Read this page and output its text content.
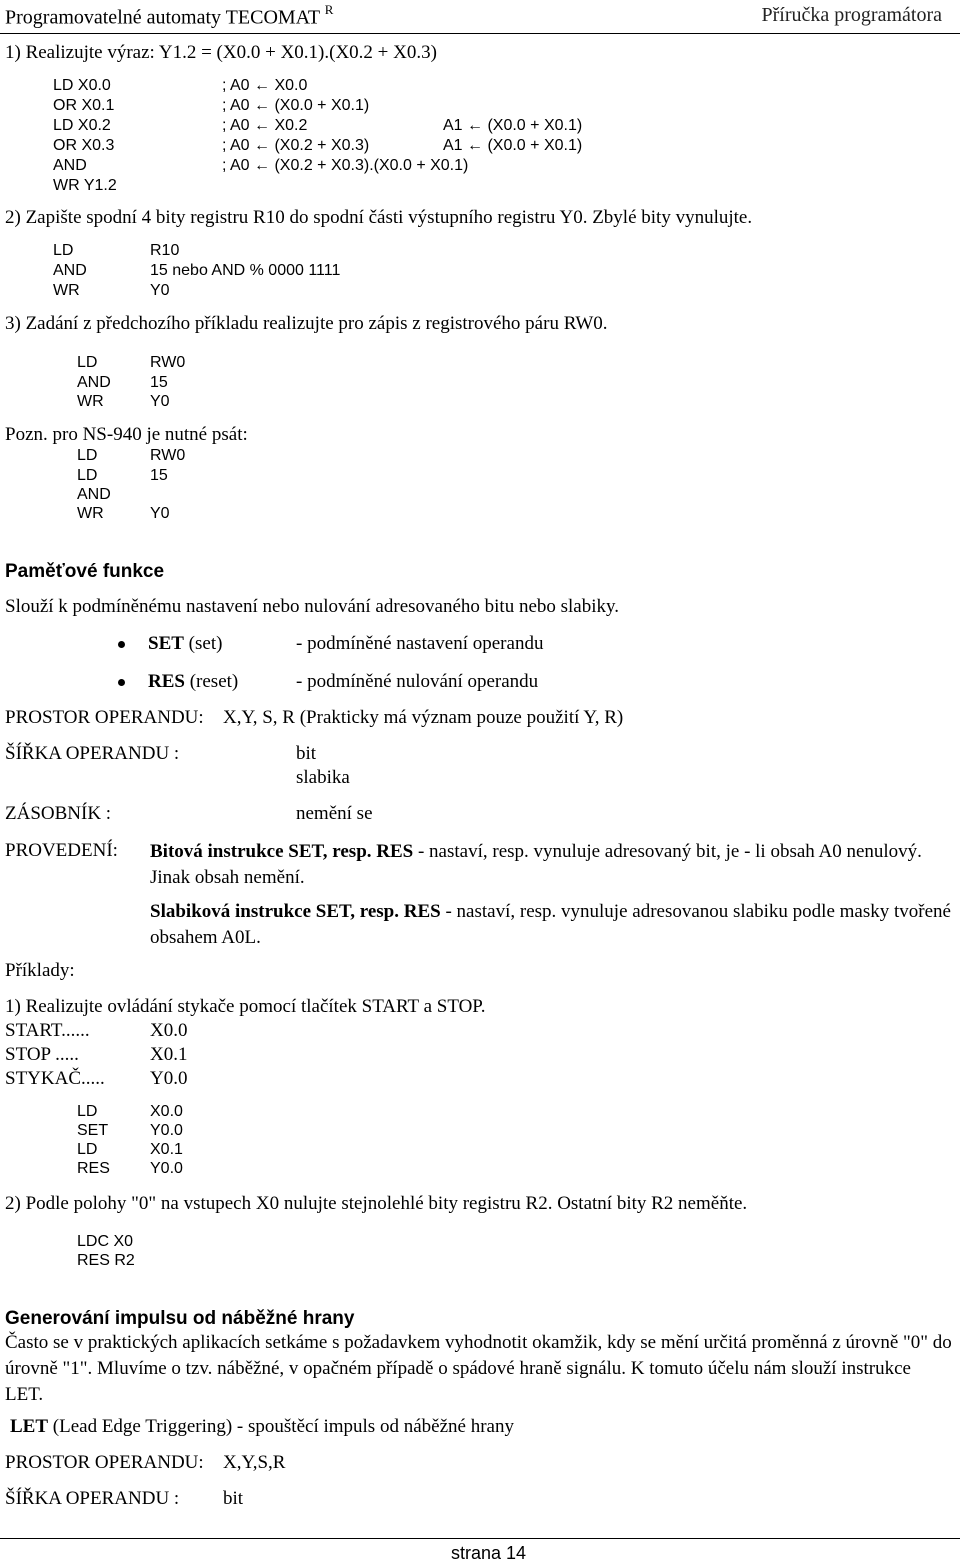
Programovatelné automaty TECOMAT $^R$	Příručka programátora
1) Realizujte výraz: Y1.2 = (X0.0 + X0.1).(X0.2 + X0.3)
LD X0.0	; A0 ← X0.0
OR X0.1	; A0 ← (X0.0 + X0.1)
LD X0.2	; A0 ← X0.2	A1 ← (X0.0 + X0.1)
OR X0.3	; A0 ← (X0.2 + X0.3)	A1 ← (X0.0 + X0.1)
AND	; A0 ← (X0.2 + X0.3).(X0.0 + X0.1)
WR Y1.2
2) Zapište spodní 4 bity registru R10 do spodní části výstupního registru Y0. Zbylé bity vynulujte.
LD	R10
AND	15 nebo AND % 0000 1111
WR	Y0
3) Zadání z předchozího příkladu realizujte pro zápis z registrového páru RW0.
LD	RW0
AND 15
WR	Y0
Pozn. pro NS-940 je nutné psát:
LD	RW0
LD	15
AND
WR	Y0
Paměťové funkce
Slouží k podmíněnému nastavení nebo nulování adresovaného bitu nebo slabiky.
SET (set)	- podmíněné nastavení operandu
RES (reset)	- podmíněné nulování operandu
PROSTOR OPERANDU: X,Y, S, R (Prakticky má význam pouze použití Y, R)
ŠÍŘKA OPERANDU :	bit
slabika
ZÁSOBNÍK :	nemění se
PROVEDENÍ: Bitová instrukce SET, resp. RES - nastaví, resp. vynuluje adresovaný bit, je - li obsah A0 nenulový. Jinak obsah nemění.
Slabiková instrukce SET, resp. RES - nastaví, resp. vynuluje adresovanou slabiku podle masky tvořené obsahem A0L.
Příklady:
1) Realizujte ovládání stykače pomocí tlačítek START a STOP.
START......	X0.0
STOP .....	X0.1
STYKAČ..... Y0.0
LD	X0.0
SET	Y0.0
LD	X0.1
RES	Y0.0
2) Podle polohy "0" na vstupech X0 nulujte stejnolehlé bity registru R2. Ostatní bity R2 neměňte.
LDC X0
RES R2
Generování impulsu od náběžné hrany
Často se v praktických aplikacích setkáme s požadavkem vyhodnotit okamžik, kdy se mění určitá proměnná z úrovně "0" do úrovně "1". Mluvíme o tzv. náběžné, v opačném případě o spádové hraně signálu. K tomuto účelu nám slouží instrukce LET.
LET (Lead Edge Triggering) - spouštěcí impuls od náběžné hrany
PROSTOR OPERANDU: X,Y,S,R
ŠÍŘKA OPERANDU : bit
strana 14
